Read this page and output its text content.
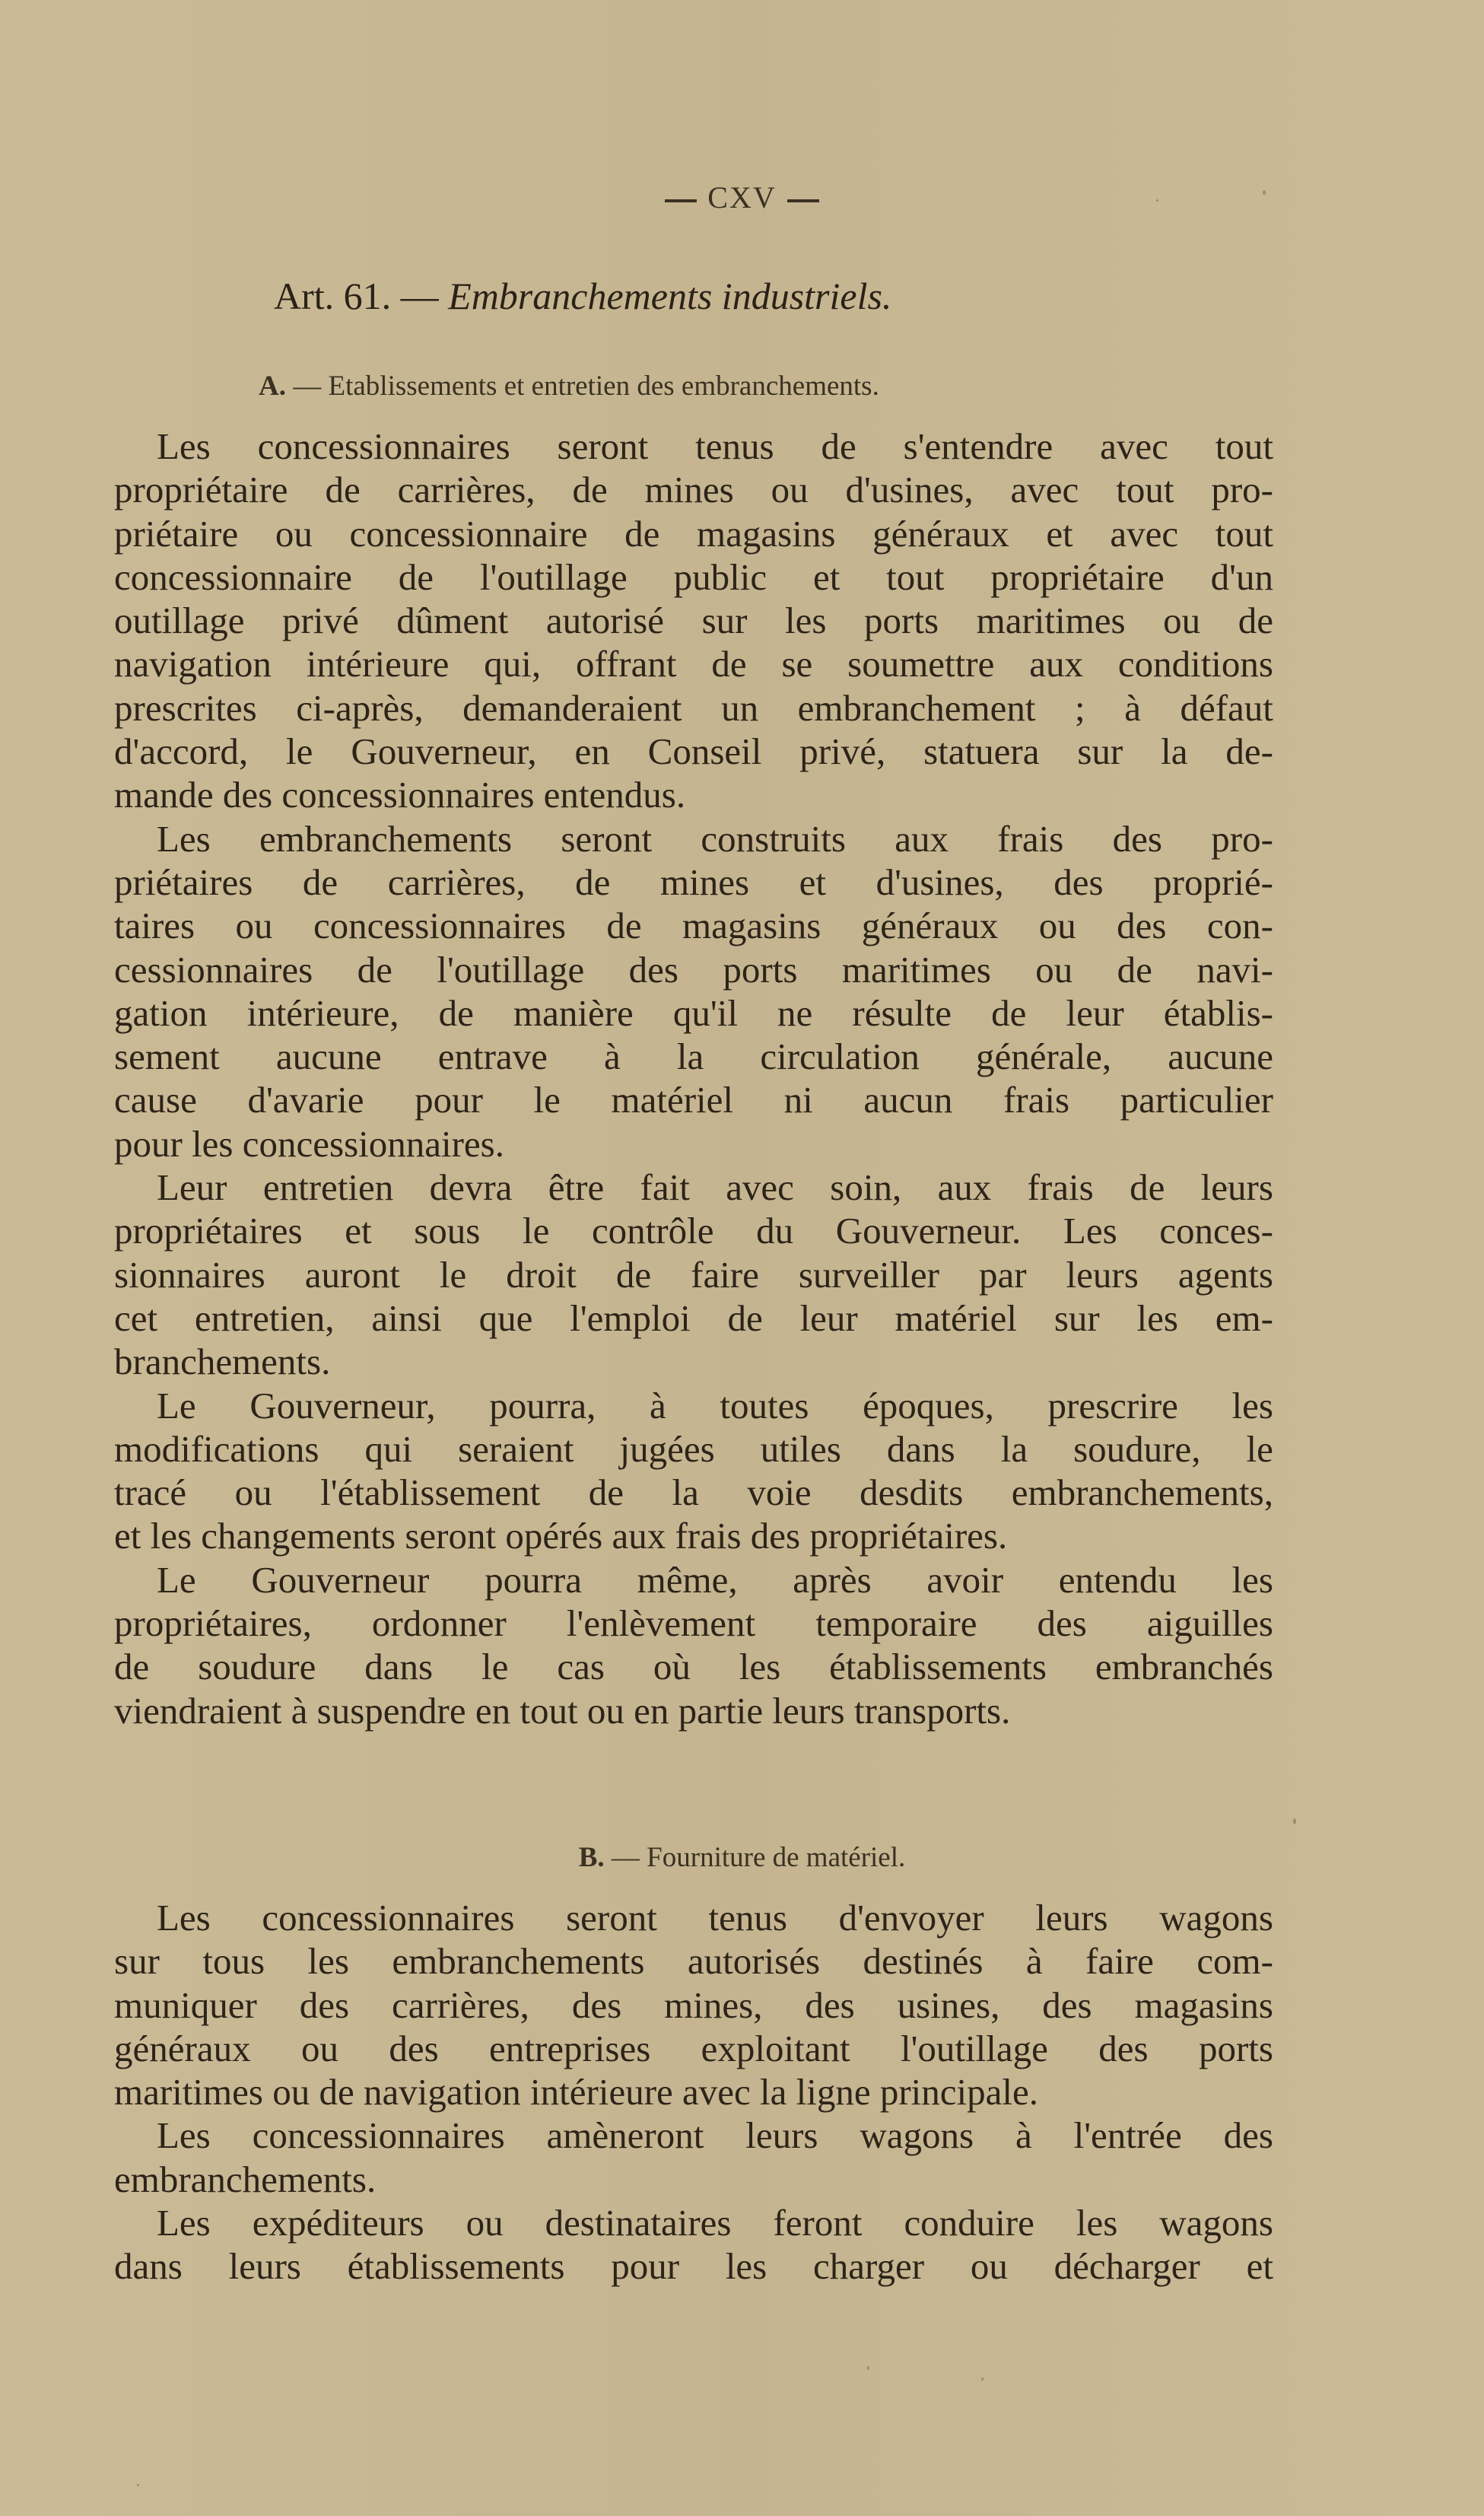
CXV
Art. 61. — Embranchements industriels.
A. — Etablissements et entretien des embranchements.
Les concessionnaires seront tenus de s'entendre avec tout
propriétaire de carrières, de mines ou d'usines, avec tout pro-
priétaire ou concessionnaire de magasins généraux et avec tout
concessionnaire de l'outillage public et tout propriétaire d'un
outillage privé dûment autorisé sur les ports maritimes ou de
navigation intérieure qui, offrant de se soumettre aux conditions
prescrites ci-après, demanderaient un embranchement ; à défaut
d'accord, le Gouverneur, en Conseil privé, statuera sur la de-
mande des concessionnaires entendus.
Les embranchements seront construits aux frais des pro-
priétaires de carrières, de mines et d'usines, des proprié-
taires ou concessionnaires de magasins généraux ou des con-
cessionnaires de l'outillage des ports maritimes ou de navi-
gation intérieure, de manière qu'il ne résulte de leur établis-
sement aucune entrave à la circulation générale, aucune
cause d'avarie pour le matériel ni aucun frais particulier
pour les concessionnaires.
Leur entretien devra être fait avec soin, aux frais de leurs
propriétaires et sous le contrôle du Gouverneur. Les conces-
sionnaires auront le droit de faire surveiller par leurs agents
cet entretien, ainsi que l'emploi de leur matériel sur les em-
branchements.
Le Gouverneur, pourra, à toutes époques, prescrire les
modifications qui seraient jugées utiles dans la soudure, le
tracé ou l'établissement de la voie desdits embranchements,
et les changements seront opérés aux frais des propriétaires.
Le Gouverneur pourra même, après avoir entendu les
propriétaires, ordonner l'enlèvement temporaire des aiguilles
de soudure dans le cas où les établissements embranchés
viendraient à suspendre en tout ou en partie leurs transports.
B. — Fourniture de matériel.
Les concessionnaires seront tenus d'envoyer leurs wagons
sur tous les embranchements autorisés destinés à faire com-
muniquer des carrières, des mines, des usines, des magasins
généraux ou des entreprises exploitant l'outillage des ports
maritimes ou de navigation intérieure avec la ligne principale.
Les concessionnaires amèneront leurs wagons à l'entrée des
embranchements.
Les expéditeurs ou destinataires feront conduire les wagons
dans leurs établissements pour les charger ou décharger et
